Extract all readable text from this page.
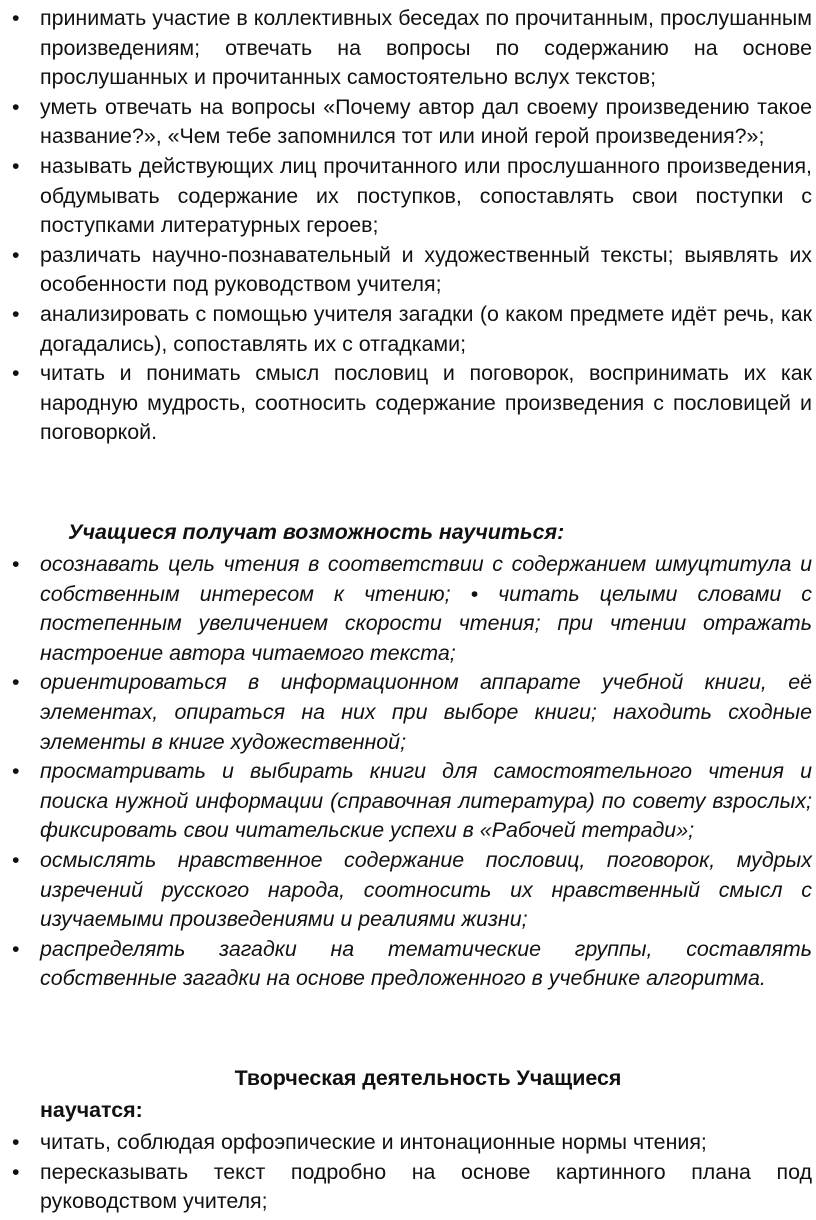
• принимать участие в коллективных беседах по прочитанным, прослушанным произведениям; отвечать на вопросы по содержанию на основе прослушанных и прочитанных самостоятельно вслух текстов;
• уметь отвечать на вопросы «Почему автор дал своему произведению такое название?», «Чем тебе запомнился тот или иной герой произведения?»;
• называть действующих лиц прочитанного или прослушанного произведения, обдумывать содержание их поступков, сопоставлять свои поступки с поступками литературных героев;
• различать научно-познавательный и художественный тексты; выявлять их особенности под руководством учителя;
• анализировать с помощью учителя загадки (о каком предмете идёт речь, как догадались), сопоставлять их с отгадками;
• читать и понимать смысл пословиц и поговорок, воспринимать их как народную мудрость, соотносить содержание произведения с пословицей и поговоркой.
Учащиеся получат возможность научиться:
• осознавать цель чтения в соответствии с содержанием шмуцтитула и собственным интересом к чтению; • читать целыми словами с постепенным увеличением скорости чтения; при чтении отражать настроение автора читаемого текста;
• ориентироваться в информационном аппарате учебной книги, её элементах, опираться на них при выборе книги; находить сходные элементы в книге художественной;
• просматривать и выбирать книги для самостоятельного чтения и поиска нужной информации (справочная литература) по совету взрослых; фиксировать свои читательские успехи в «Рабочей тетради»;
• осмыслять нравственное содержание пословиц, поговорок, мудрых изречений русского народа, соотносить их нравственный смысл с изучаемыми произведениями и реалиями жизни;
• распределять загадки на тематические группы, составлять собственные загадки на основе предложенного в учебнике алгоритма.
Творческая деятельность Учащиеся
научатся:
• читать, соблюдая орфоэпические и интонационные нормы чтения;
• пересказывать текст подробно на основе картинного плана под руководством учителя;
